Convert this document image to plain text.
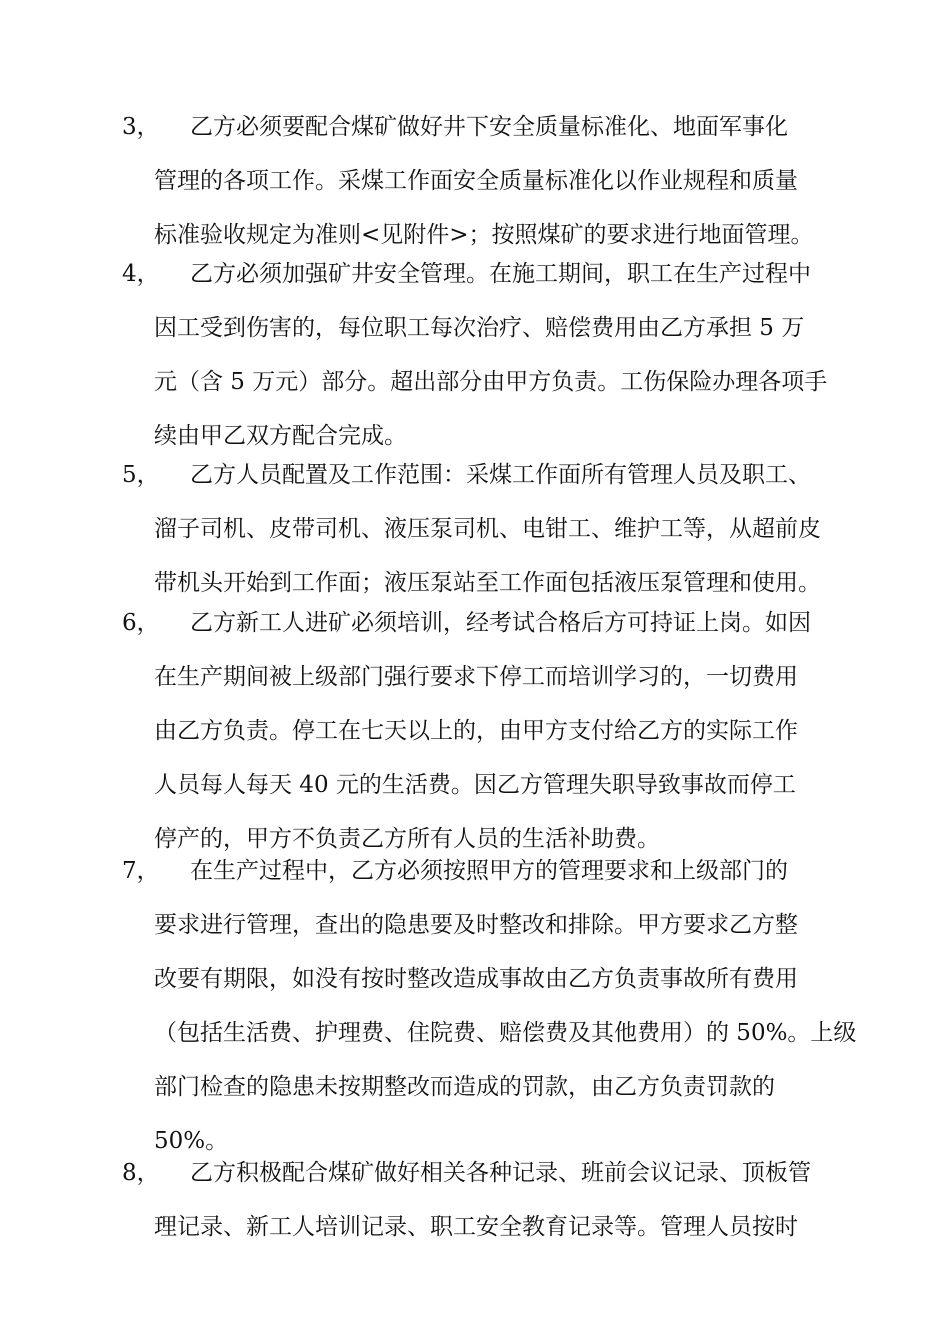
3，	乙方必须要配合煤矿做好井下安全质量标准化、地面军事化
管理的各项工作。采煤工作面安全质量标准化以作业规程和质量
标准验收规定为准则<见附件>；按照煤矿的要求进行地面管理。
4，	乙方必须加强矿井安全管理。在施工期间，职工在生产过程中
因工受到伤害的，每位职工每次治疗、赔偿费用由乙方承担 5 万
元（含 5 万元）部分。超出部分由甲方负责。工伤保险办理各项手
续由甲乙双方配合完成。
5，	乙方人员配置及工作范围：采煤工作面所有管理人员及职工、
溜子司机、皮带司机、液压泵司机、电钳工、维护工等，从超前皮
带机头开始到工作面；液压泵站至工作面包括液压泵管理和使用。
6，	乙方新工人进矿必须培训，经考试合格后方可持证上岗。如因
在生产期间被上级部门强行要求下停工而培训学习的，一切费用
由乙方负责。停工在七天以上的，由甲方支付给乙方的实际工作
人员每人每天 40 元的生活费。因乙方管理失职导致事故而停工
停产的，甲方不负责乙方所有人员的生活补助费。
7，	在生产过程中，乙方必须按照甲方的管理要求和上级部门的
要求进行管理，查出的隐患要及时整改和排除。甲方要求乙方整
改要有期限，如没有按时整改造成事故由乙方负责事故所有费用
（包括生活费、护理费、住院费、赔偿费及其他费用）的 50%。上级
部门检查的隐患未按期整改而造成的罚款，由乙方负责罚款的
50%。
8，	乙方积极配合煤矿做好相关各种记录、班前会议记录、顶板管
理记录、新工人培训记录、职工安全教育记录等。管理人员按时
